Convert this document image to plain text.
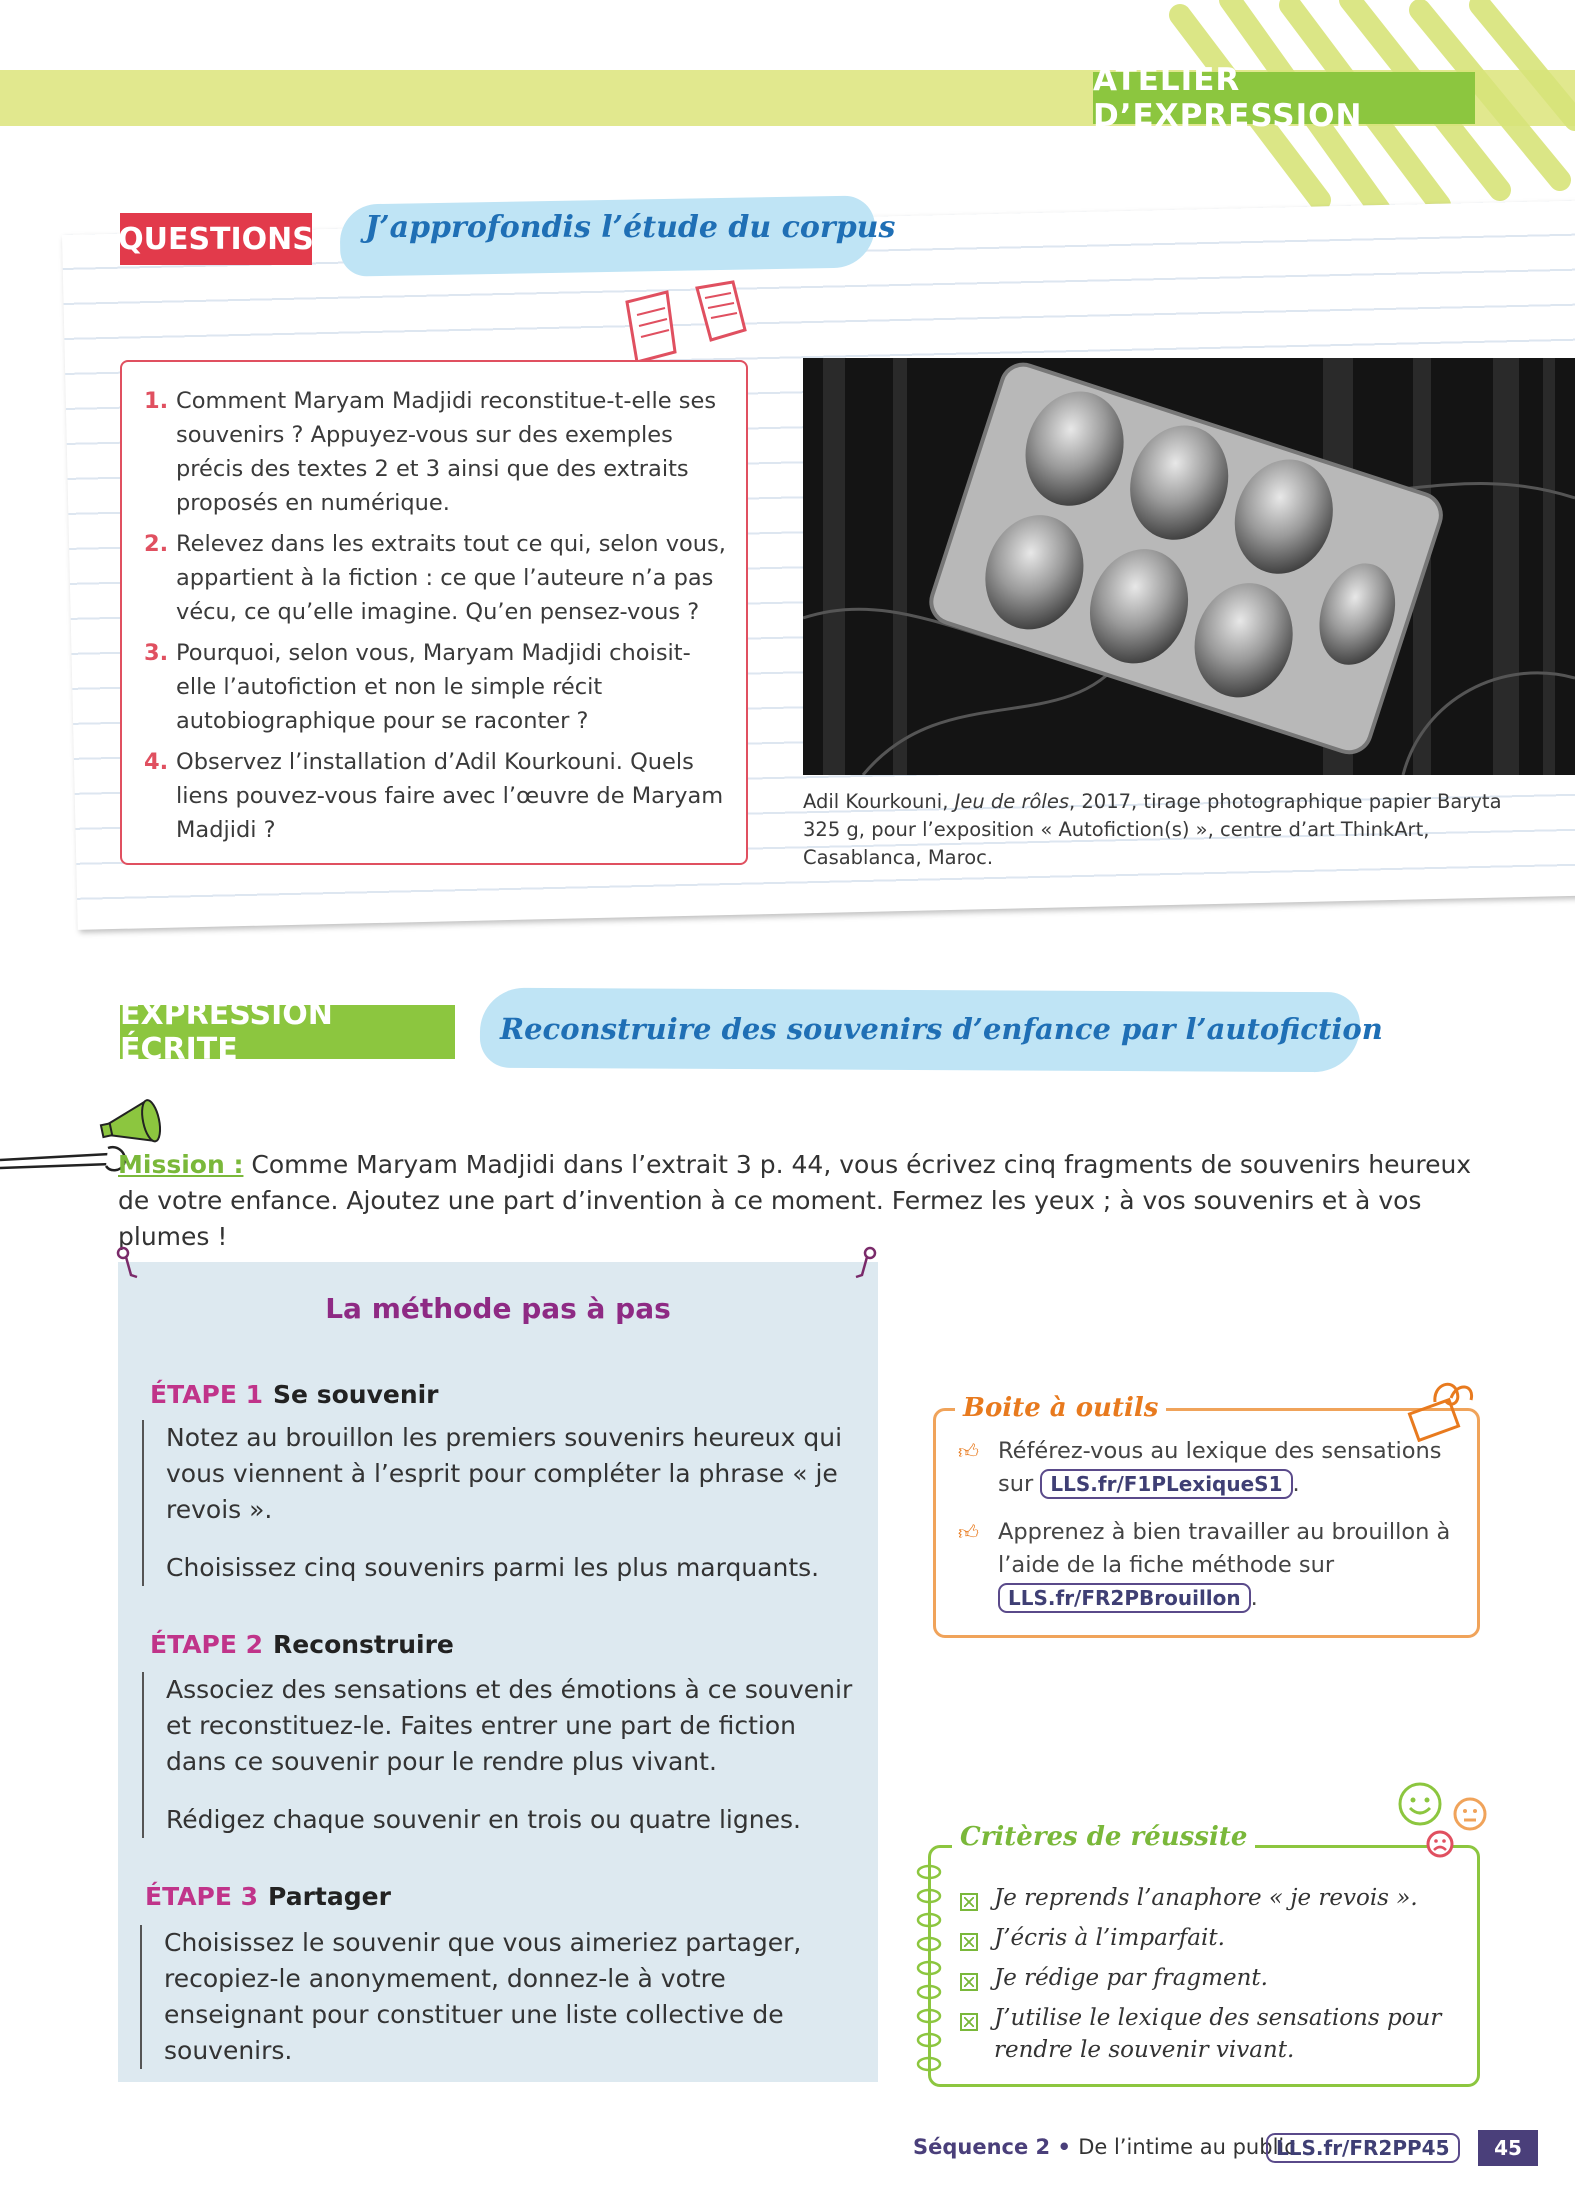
ATELIER D’EXPRESSION
QUESTIONS J’approfondis l’étude du corpus
1. Comment Maryam Madjidi reconstitue-t-elle ses souvenirs ? Appuyez-vous sur des exemples précis des textes 2 et 3 ainsi que des extraits proposés en numérique.
2. Relevez dans les extraits tout ce qui, selon vous, appartient à la fiction : ce que l’auteure n’a pas vécu, ce qu’elle imagine. Qu’en pensez-vous ?
3. Pourquoi, selon vous, Maryam Madjidi choisit-elle l’autofiction et non le simple récit autobiographique pour se raconter ?
4. Observez l’installation d’Adil Kourkouni. Quels liens pouvez-vous faire avec l’œuvre de Maryam Madjidi ?
Adil Kourkouni, Jeu de rôles, 2017, tirage photographique papier Baryta 325 g, pour l’exposition « Autofiction(s) », centre d’art ThinkArt, Casablanca, Maroc.
EXPRESSION ÉCRITE
Reconstruire des souvenirs d’enfance par l’autofiction
Mission : Comme Maryam Madjidi dans l’extrait 3 p. 44, vous écrivez cinq fragments de souvenirs heureux de votre enfance. Ajoutez une part d’invention à ce moment. Fermez les yeux ; à vos souvenirs et à vos plumes !
La méthode pas à pas
ÉTAPE 1 Se souvenir

Notez au brouillon les premiers souvenirs heureux qui vous viennent à l’esprit pour compléter la phrase « je revois ».

Choisissez cinq souvenirs parmi les plus marquants.

ÉTAPE 2 Reconstruire

Associez des sensations et des émotions à ce souvenir et reconstituez-le. Faites entrer une part de fiction dans ce souvenir pour le rendre plus vivant.

Rédigez chaque souvenir en trois ou quatre lignes.

ÉTAPE 3 Partager

Choisissez le souvenir que vous aimeriez partager, recopiez-le anonymement, donnez-le à votre enseignant pour constituer une liste collective de souvenirs.

Boite à outils
👍︎ Référez-vous au lexique des sensations sur LLS.fr/F1PLexiqueS1 .
👍︎ Apprenez à bien travailler au brouillon à l’aide de la fiche méthode sur LLS.fr/FR2PBrouillon .
Critères de réussite
Je reprends l’anaphore « je revois ».
J’écris à l’imparfait.
Je rédige par fragment.
J’utilise le lexique des sensations pour rendre le souvenir vivant.
Séquence 2 • De l’intime au public
LLS.fr/FR2PP45	45
